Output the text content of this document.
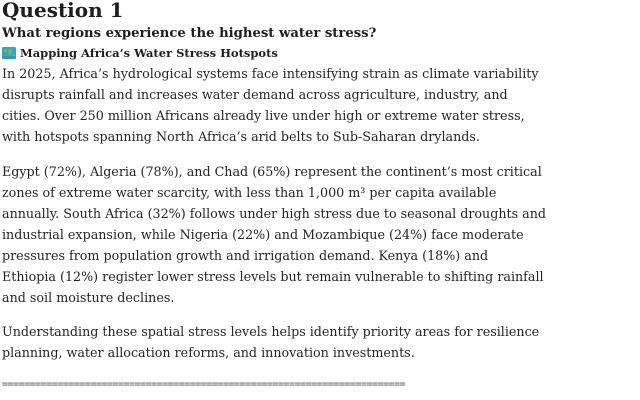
Question 1
What regions experience the highest water stress?
Mapping Africa’s Water Stress Hotspots

In 2025, Africa’s hydrological systems face intensifying strain as climate variability
disrupts rainfall and increases water demand across agriculture, industry, and
cities. Over 250 million Africans already live under high or extreme water stress,
with hotspots spanning North Africa’s arid belts to Sub-Saharan drylands.

Egypt (72%), Algeria (78%), and Chad (65%) represent the continent’s most critical
zones of extreme water scarcity, with less than 1,000 m³ per capita available
annually. South Africa (32%) follows under high stress due to seasonal droughts and
industrial expansion, while Nigeria (22%) and Mozambique (24%) face moderate
pressures from population growth and irrigation demand. Kenya (18%) and
Ethiopia (12%) register lower stress levels but remain vulnerable to shifting rainfall
and soil moisture declines.

Understanding these spatial stress levels helps identify priority areas for resilience
planning, water allocation reforms, and innovation investments.

=========================================================================
